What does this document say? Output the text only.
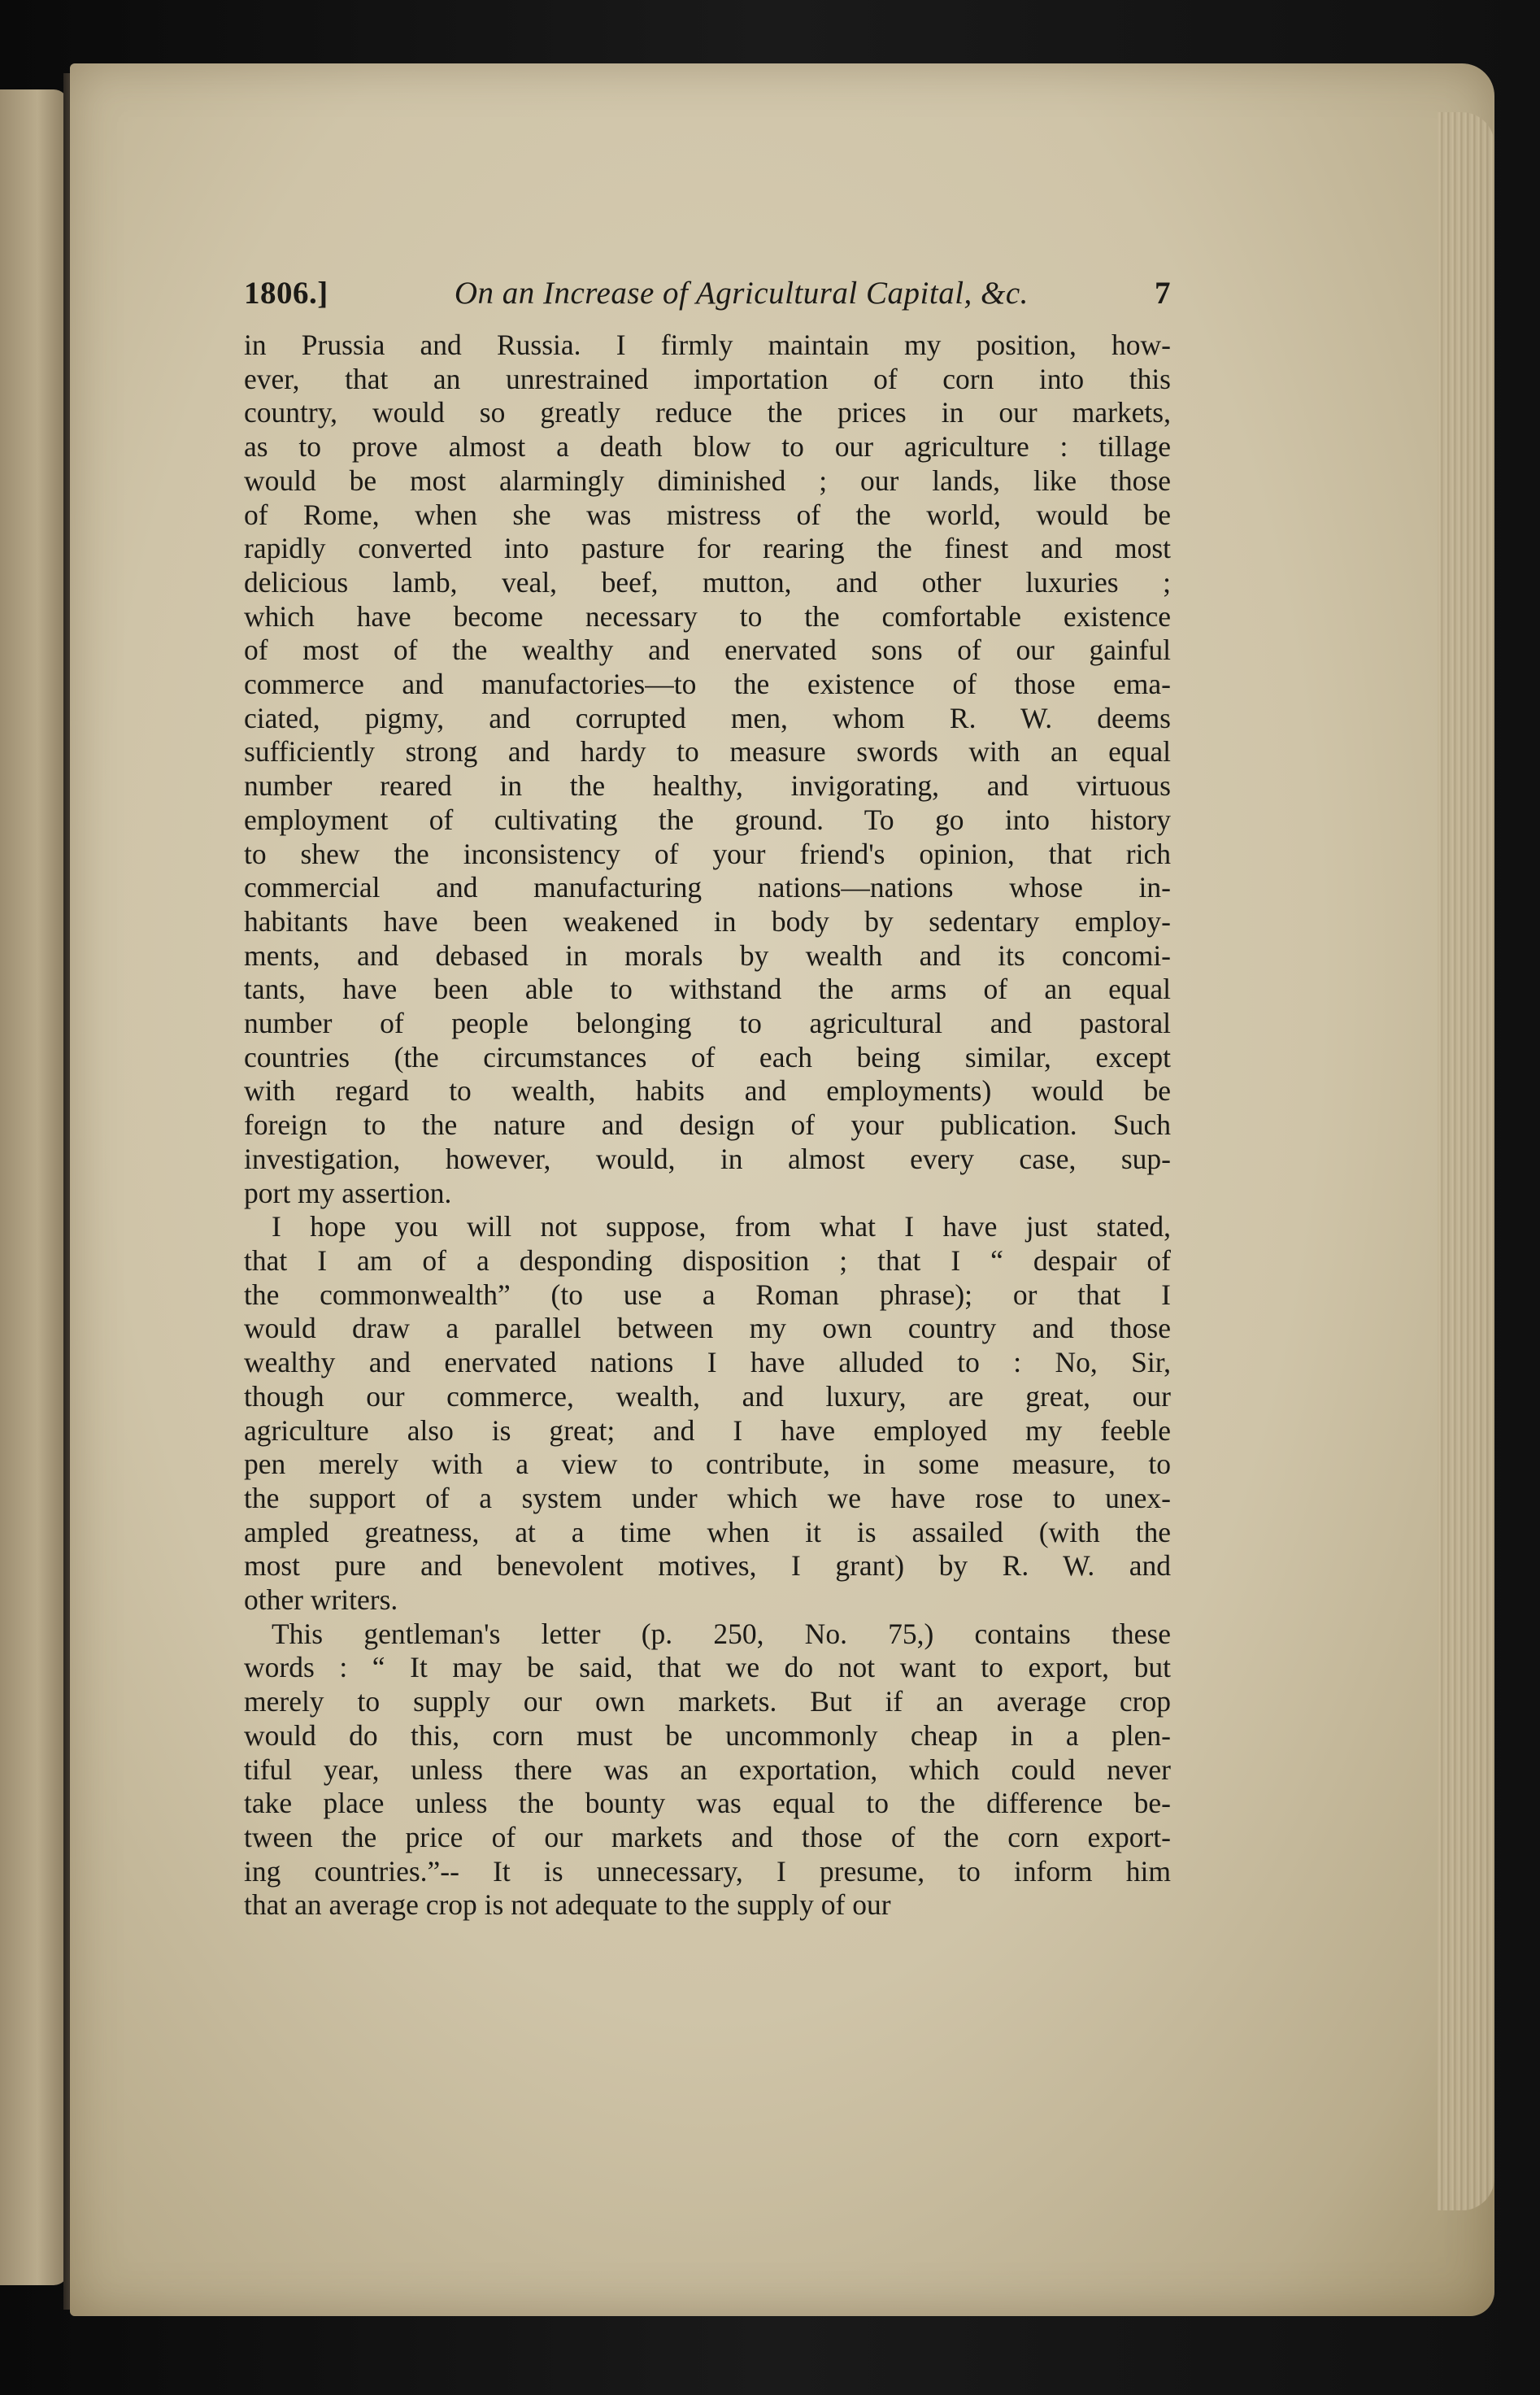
1806.]	On an Increase of Agricultural Capital, &c.	7

in Prussia and Russia. I firmly maintain my position, how-
ever, that an unrestrained importation of corn into this
country, would so greatly reduce the prices in our markets,
as to prove almost a death blow to our agriculture : tillage
would be most alarmingly diminished ; our lands, like those
of Rome, when she was mistress of the world, would be
rapidly converted into pasture for rearing the finest and most
delicious lamb, veal, beef, mutton, and other luxuries ;
which have become necessary to the comfortable existence
of most of the wealthy and enervated sons of our gainful
commerce and manufactories—to the existence of those ema-
ciated, pigmy, and corrupted men, whom R. W. deems
sufficiently strong and hardy to measure swords with an equal
number reared in the healthy, invigorating, and virtuous
employment of cultivating the ground. To go into history
to shew the inconsistency of your friend's opinion, that rich
commercial and manufacturing nations—nations whose in-
habitants have been weakened in body by sedentary employ-
ments, and debased in morals by wealth and its concomi-
tants, have been able to withstand the arms of an equal
number of people belonging to agricultural and pastoral
countries (the circumstances of each being similar, except
with regard to wealth, habits and employments) would be
foreign to the nature and design of your publication. Such
investigation, however, would, in almost every case, sup-
port my assertion.

I hope you will not suppose, from what I have just stated,
that I am of a desponding disposition ; that I “ despair of
the commonwealth” (to use a Roman phrase); or that I
would draw a parallel between my own country and those
wealthy and enervated nations I have alluded to : No, Sir,
though our commerce, wealth, and luxury, are great, our
agriculture also is great; and I have employed my feeble
pen merely with a view to contribute, in some measure, to
the support of a system under which we have rose to unex-
ampled greatness, at a time when it is assailed (with the
most pure and benevolent motives, I grant) by R. W. and
other writers.

This gentleman's letter (p. 250, No. 75,) contains these
words : “ It may be said, that we do not want to export, but
merely to supply our own markets. But if an average crop
would do this, corn must be uncommonly cheap in a plen-
tiful year, unless there was an exportation, which could never
take place unless the bounty was equal to the difference be-
tween the price of our markets and those of the corn export-
ing countries.”-- It is unnecessary, I presume, to inform him
that an average crop is not adequate to the supply of our
